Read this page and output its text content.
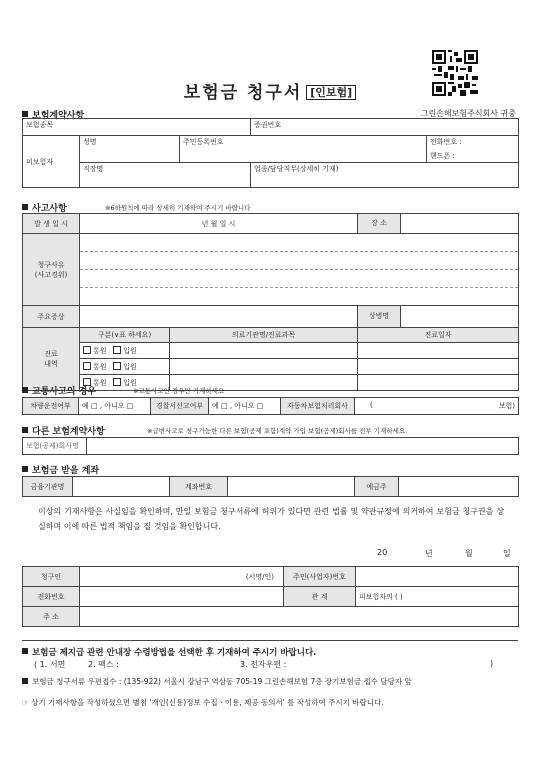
보험금 청구서 [인보험]
보험계약사항	그린손해보험주식회사 귀중
보험종목			증권번호	
피보험자	성명	주민등록번호		전화번호 :
핸드폰 :

	직장명		업종/담당직무(상세히 기재)	
사고사항	※6하원칙에 따라 상세히 기재하여 주시기 바랍니다
발 생 일 시	년 월 일 시		장 소

청구사유
(사고경위)			

주요증상			상병명

진료
내역	구분(∨표 하세요)	의료기관명/진료과목	진료일자
	통원 입원		
	통원 입원		
	통원 입원		
교통사고의 경우	※교통사고인 경우만 기재하세요
차량운전여부	예 □ , 아니오 □	경찰서신고여부	예 □ , 아니오 □	자동차보험처리회사	(	보험)
다른 보험계약사항	※급변사고로 청구가능한 다른 보험(공제 포함)계약 가입 보험(공제)회사를 전부 기재하세요.
보험(공제)회사명	
보험금 받을 계좌
금융기관명		계좌번호		예금주	
이상의 기재사항은 사실임을 확인하며, 만일 보험금 청구서류에 허위가 있다면 관련 법률 및 약관규정에 의거하여 보험금 청구권을 상실하며 이에 따른 법적 책임을 질 것임을 확인합니다.
20	년	월	일
청구인	(서명/인)	주민(사업자)번호	
전화번호		관 계	피보험자의 ( )
주 소			
보험금 제지급 관련 안내장 수령방법을 선택한 후 기재하여 주시기 바랍니다.
( 1. 서면	2. 팩스 :	3. 전자우편 :	)
보험금 청구서류 우편접수 : (135-922) 서울시 강남구 역삼동 705-19 그린손해보험 7층 장기보험금 접수 담당자 앞
☞ 상기 기재사항을 작성하셨으면 별첨 '개인(신용)정보 수집ㆍ이용, 제공 동의서' 를 작성하여 주시기 바랍니다.
